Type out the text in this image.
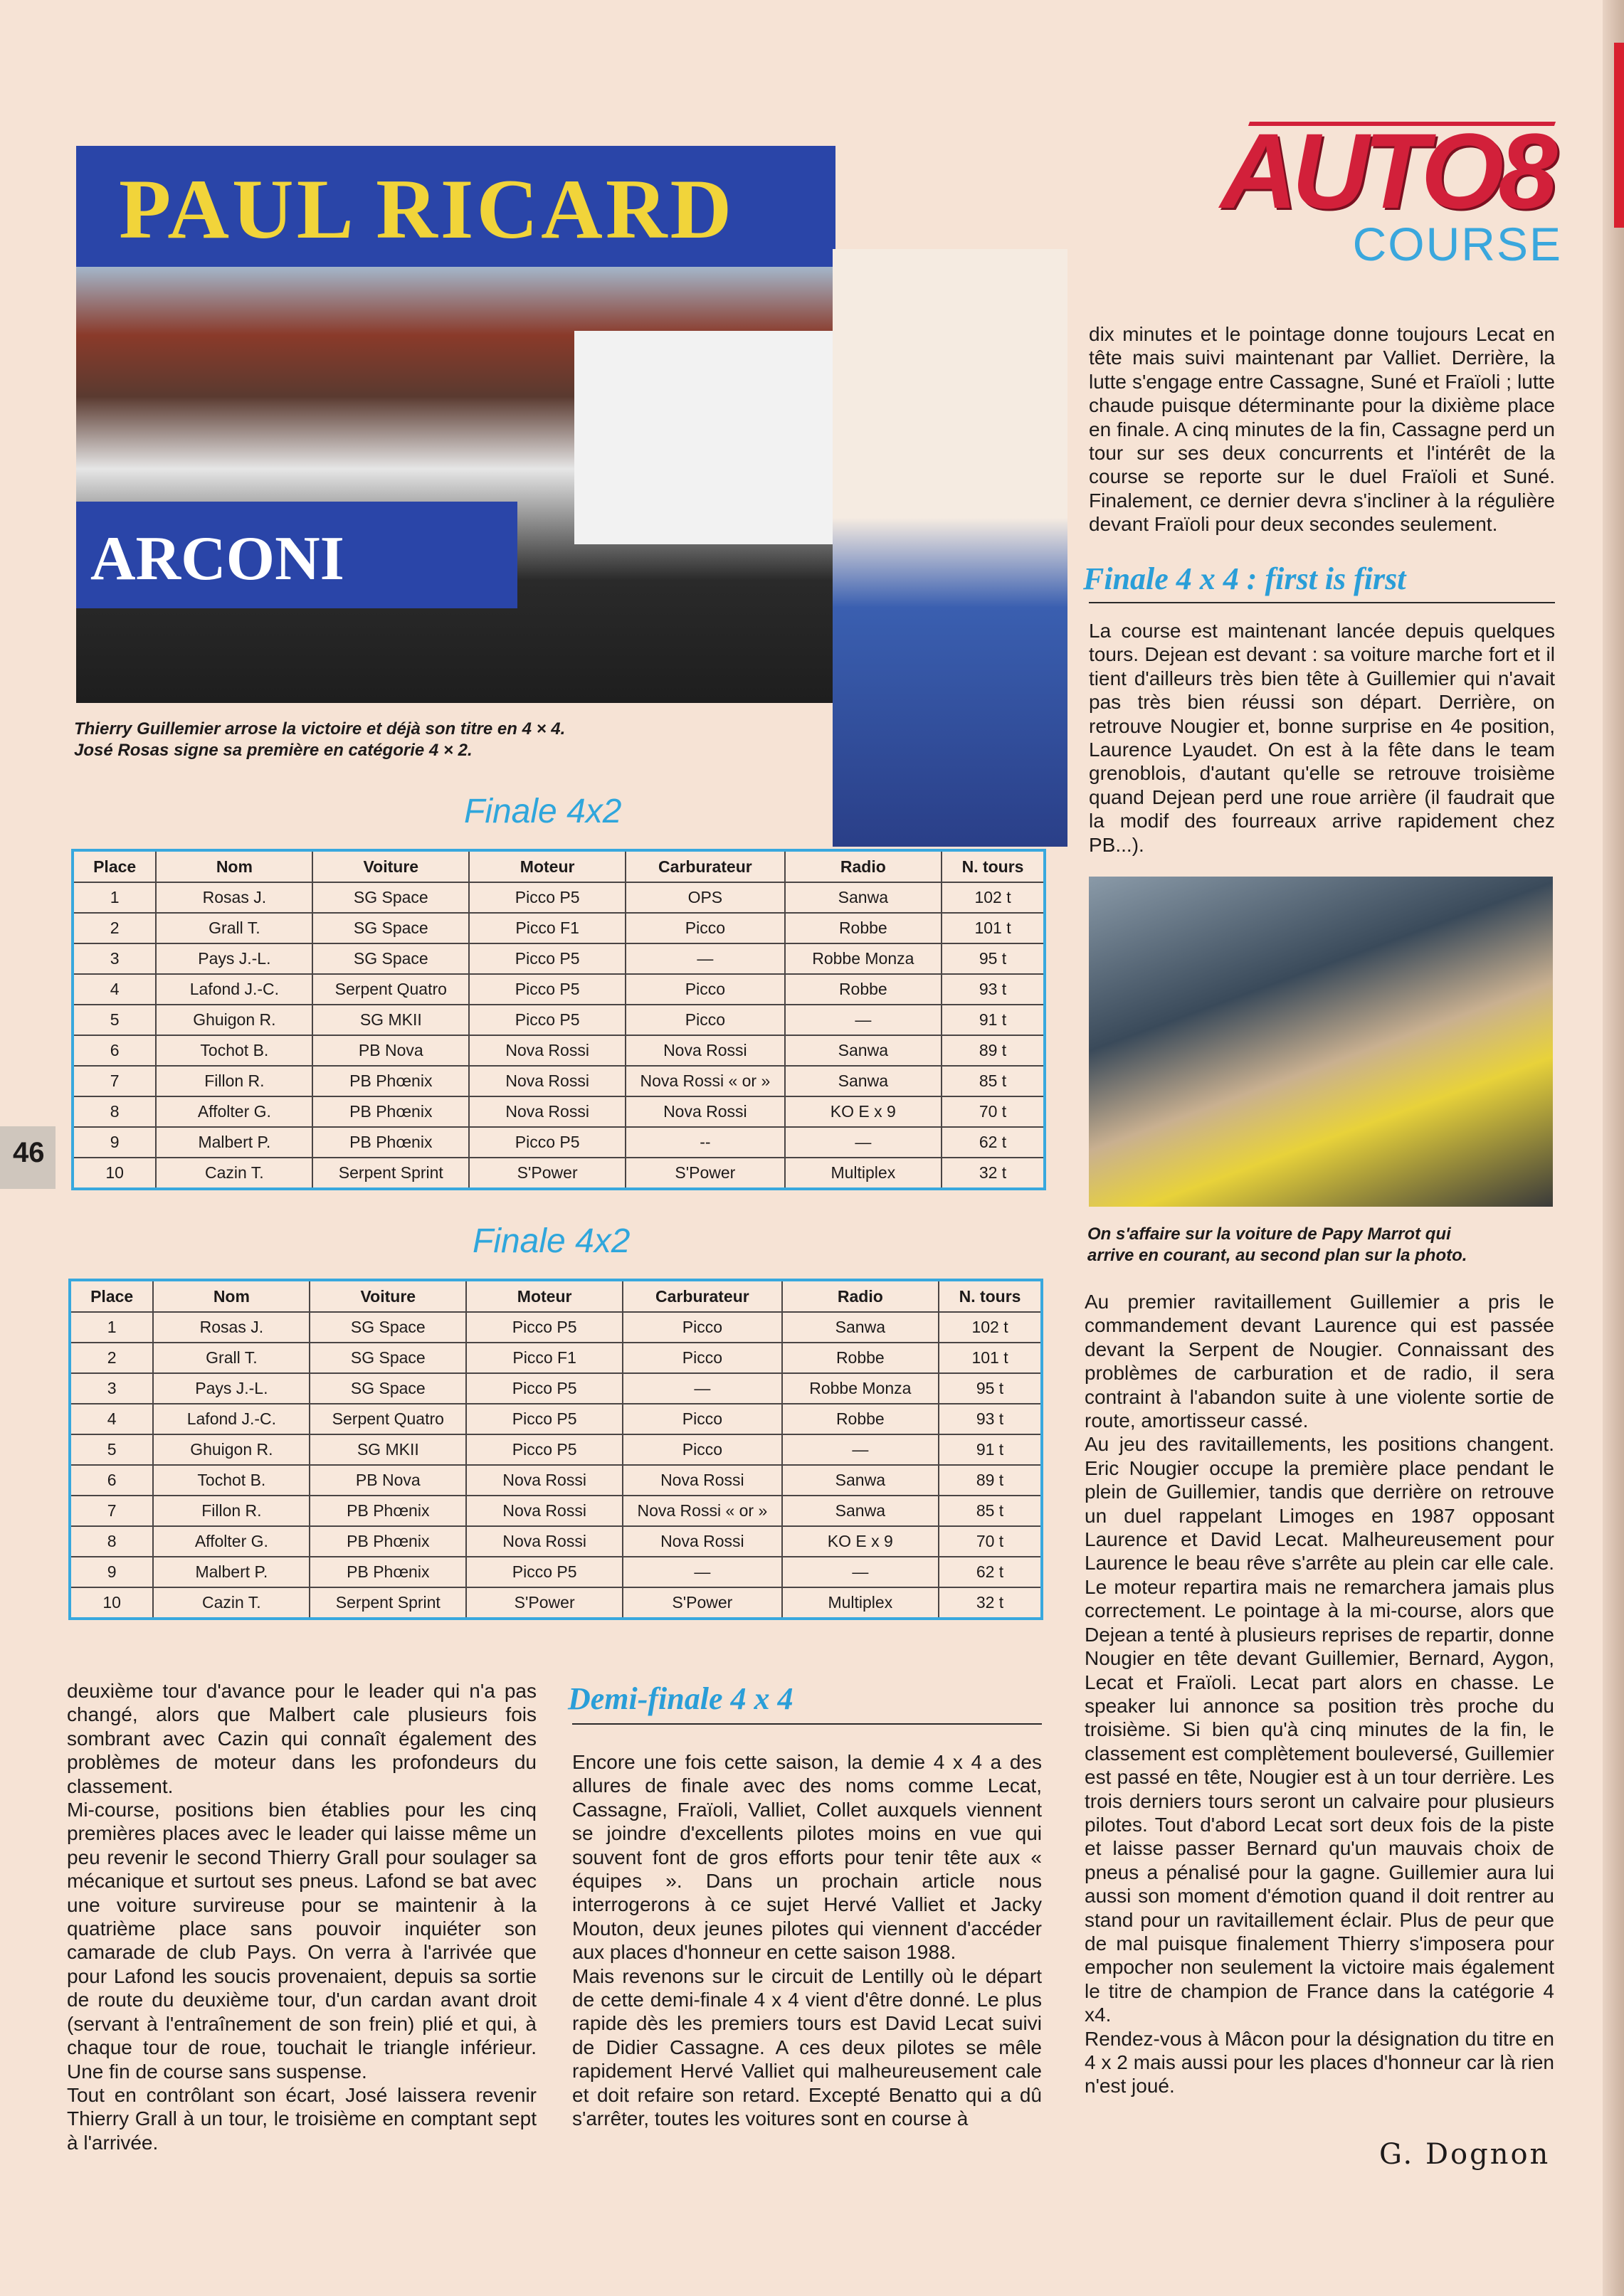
AUTO8
COURSE
PAUL RICARD
ARCONI
Thierry Guillemier arrose la victoire et déjà son titre en 4 × 4.
José Rosas signe sa première en catégorie 4 × 2.
On s'affaire sur la voiture de Papy Marrot qui
arrive en courant, au second plan sur la photo.
Finale 4x2
Place	Nom	Voiture	Moteur	Carburateur	Radio	N. tours
1	Rosas J.	SG Space	Picco P5	OPS	Sanwa	102 t
2	Grall T.	SG Space	Picco F1	Picco	Robbe	101 t
3	Pays J.-L.	SG Space	Picco P5	—	Robbe Monza	95 t
4	Lafond J.-C.	Serpent Quatro	Picco P5	Picco	Robbe	93 t
5	Ghuigon R.	SG MKII	Picco P5	Picco	—	91 t
6	Tochot B.	PB Nova	Nova Rossi	Nova Rossi	Sanwa	89 t
7	Fillon R.	PB Phœnix	Nova Rossi	Nova Rossi « or »	Sanwa	85 t
8	Affolter G.	PB Phœnix	Nova Rossi	Nova Rossi	KO E x 9	70 t
9	Malbert P.	PB Phœnix	Picco P5	--	—	62 t
10	Cazin T.	Serpent Sprint	S'Power	S'Power	Multiplex	32 t
Finale 4x2
Place	Nom	Voiture	Moteur	Carburateur	Radio	N. tours
1	Rosas J.	SG Space	Picco P5	Picco	Sanwa	102 t
2	Grall T.	SG Space	Picco F1	Picco	Robbe	101 t
3	Pays J.-L.	SG Space	Picco P5	—	Robbe Monza	95 t
4	Lafond J.-C.	Serpent Quatro	Picco P5	Picco	Robbe	93 t
5	Ghuigon R.	SG MKII	Picco P5	Picco	—	91 t
6	Tochot B.	PB Nova	Nova Rossi	Nova Rossi	Sanwa	89 t
7	Fillon R.	PB Phœnix	Nova Rossi	Nova Rossi « or »	Sanwa	85 t
8	Affolter G.	PB Phœnix	Nova Rossi	Nova Rossi	KO E x 9	70 t
9	Malbert P.	PB Phœnix	Picco P5	—	—	62 t
10	Cazin T.	Serpent Sprint	S'Power	S'Power	Multiplex	32 t
46

dix minutes et le pointage donne toujours Lecat en tête mais suivi maintenant par Valliet. Derrière, la lutte s'engage entre Cassagne, Suné et Fraïoli ; lutte chaude puisque déterminante pour la dixième place en finale. A cinq minutes de la fin, Cassagne perd un tour sur ses deux concurrents et l'intérêt de la course se reporte sur le duel Fraïoli et Suné. Finalement, ce dernier devra s'incliner à la régulière devant Fraïoli pour deux secondes seulement.

Finale 4 x 4 : first is first

La course est maintenant lancée depuis quelques tours. Dejean est devant : sa voiture marche fort et il tient d'ailleurs très bien tête à Guillemier qui n'avait pas très bien réussi son départ. Derrière, on retrouve Nougier et, bonne surprise en 4e position, Laurence Lyaudet. On est à la fête dans le team grenoblois, d'autant qu'elle se retrouve troisième quand Dejean perd une roue arrière (il faudrait que la modif des fourreaux arrive rapidement chez PB...).

Au premier ravitaillement Guillemier a pris le commandement devant Laurence qui est passée devant la Serpent de Nougier. Connaissant des problèmes de carburation et de radio, il sera contraint à l'abandon suite à une violente sortie de route, amortisseur cassé.

Au jeu des ravitaillements, les positions changent. Eric Nougier occupe la première place pendant le plein de Guillemier, tandis que derrière on retrouve un duel rappelant Limoges en 1987 opposant Laurence et David Lecat. Malheureusement pour Laurence le beau rêve s'arrête au plein car elle cale. Le moteur repartira mais ne remarchera jamais plus correctement. Le pointage à la mi-course, alors que Dejean a tenté à plusieurs reprises de repartir, donne Nougier en tête devant Guillemier, Bernard, Aygon, Lecat et Fraïoli. Lecat part alors en chasse. Le speaker lui annonce sa position très proche du troisième. Si bien qu'à cinq minutes de la fin, le classement est complètement bouleversé, Guillemier est passé en tête, Nougier est à un tour derrière. Les trois derniers tours seront un calvaire pour plusieurs pilotes. Tout d'abord Lecat sort deux fois de la piste et laisse passer Bernard qu'un mauvais choix de pneus a pénalisé pour la gagne. Guillemier aura lui aussi son moment d'émotion quand il doit rentrer au stand pour un ravitaillement éclair. Plus de peur que de mal puisque finalement Thierry s'imposera pour empocher non seulement la victoire mais également le titre de champion de France dans la catégorie 4 x4.

Rendez-vous à Mâcon pour la désignation du titre en 4 x 2 mais aussi pour les places d'honneur car là rien n'est joué.

G. Dognon

deuxième tour d'avance pour le leader qui n'a pas changé, alors que Malbert cale plusieurs fois sombrant avec Cazin qui connaît également des problèmes de moteur dans les profondeurs du classement.

Mi-course, positions bien établies pour les cinq premières places avec le leader qui laisse même un peu revenir le second Thierry Grall pour soulager sa mécanique et surtout ses pneus. Lafond se bat avec une voiture survireuse pour se maintenir à la quatrième place sans pouvoir inquiéter son camarade de club Pays. On verra à l'arrivée que pour Lafond les soucis provenaient, depuis sa sortie de route du deuxième tour, d'un cardan avant droit (servant à l'entraînement de son frein) plié et qui, à chaque tour de roue, touchait le triangle inférieur. Une fin de course sans suspense.

Tout en contrôlant son écart, José laissera revenir Thierry Grall à un tour, le troisième en comptant sept à l'arrivée.

Demi-finale 4 x 4

Encore une fois cette saison, la demie 4 x 4 a des allures de finale avec des noms comme Lecat, Cassagne, Fraïoli, Valliet, Collet auxquels viennent se joindre d'excellents pilotes moins en vue qui souvent font de gros efforts pour tenir tête aux « équipes ». Dans un prochain article nous interrogerons à ce sujet Hervé Valliet et Jacky Mouton, deux jeunes pilotes qui viennent d'accéder aux places d'honneur en cette saison 1988.

Mais revenons sur le circuit de Lentilly où le départ de cette demi-finale 4 x 4 vient d'être donné. Le plus rapide dès les premiers tours est David Lecat suivi de Didier Cassagne. A ces deux pilotes se mêle rapidement Hervé Valliet qui malheureusement cale et doit refaire son retard. Excepté Benatto qui a dû s'arrêter, toutes les voitures sont en course à
